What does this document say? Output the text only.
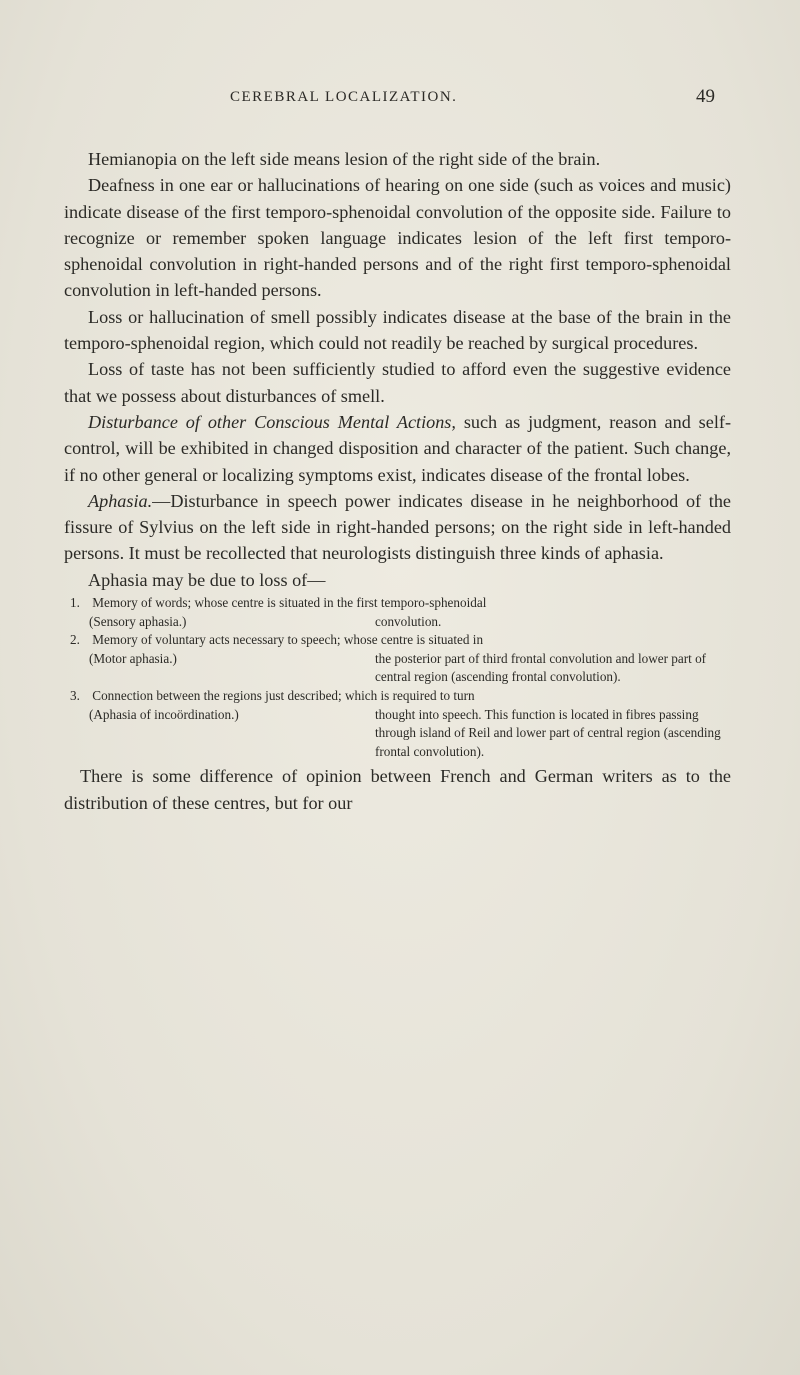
CEREBRAL LOCALIZATION.	49

Hemianopia on the left side means lesion of the right side of the brain.

Deafness in one ear or hallucinations of hearing on one side (such as voices and music) indicate disease of the first temporo-sphenoidal convolution of the opposite side. Failure to recognize or remember spoken language indicates lesion of the left first temporo-sphenoidal convolution in right-handed persons and of the right first temporo-sphenoidal convolution in left-handed persons.

Loss or hallucination of smell possibly indicates disease at the base of the brain in the temporo-sphenoidal region, which could not readily be reached by surgical procedures.

Loss of taste has not been sufficiently studied to afford even the suggestive evidence that we possess about disturbances of smell.

Disturbance of other Conscious Mental Actions, such as judgment, reason and self-control, will be exhibited in changed disposition and character of the patient. Such change, if no other general or localizing symptoms exist, indicates disease of the frontal lobes.

Aphasia.—Disturbance in speech power indicates disease in he neighborhood of the fissure of Sylvius on the left side in right-handed persons; on the right side in left-handed persons. It must be recollected that neurologists distinguish three kinds of aphasia.

Aphasia may be due to loss of—

1. Memory of words; whose centre is situated in the first temporo-sphenoidal
(Sensory aphasia.)	convolution.
2. Memory of voluntary acts necessary to speech; whose centre is situated in
(Motor aphasia.)	the posterior part of third frontal convolution and lower part of central region (ascending frontal convolution).
3. Connection between the regions just described; which is required to turn
(Aphasia of incoördination.)	thought into speech. This function is located in fibres passing through island of Reil and lower part of central region (ascending frontal convolution).

There is some difference of opinion between French and German writers as to the distribution of these centres, but for our
